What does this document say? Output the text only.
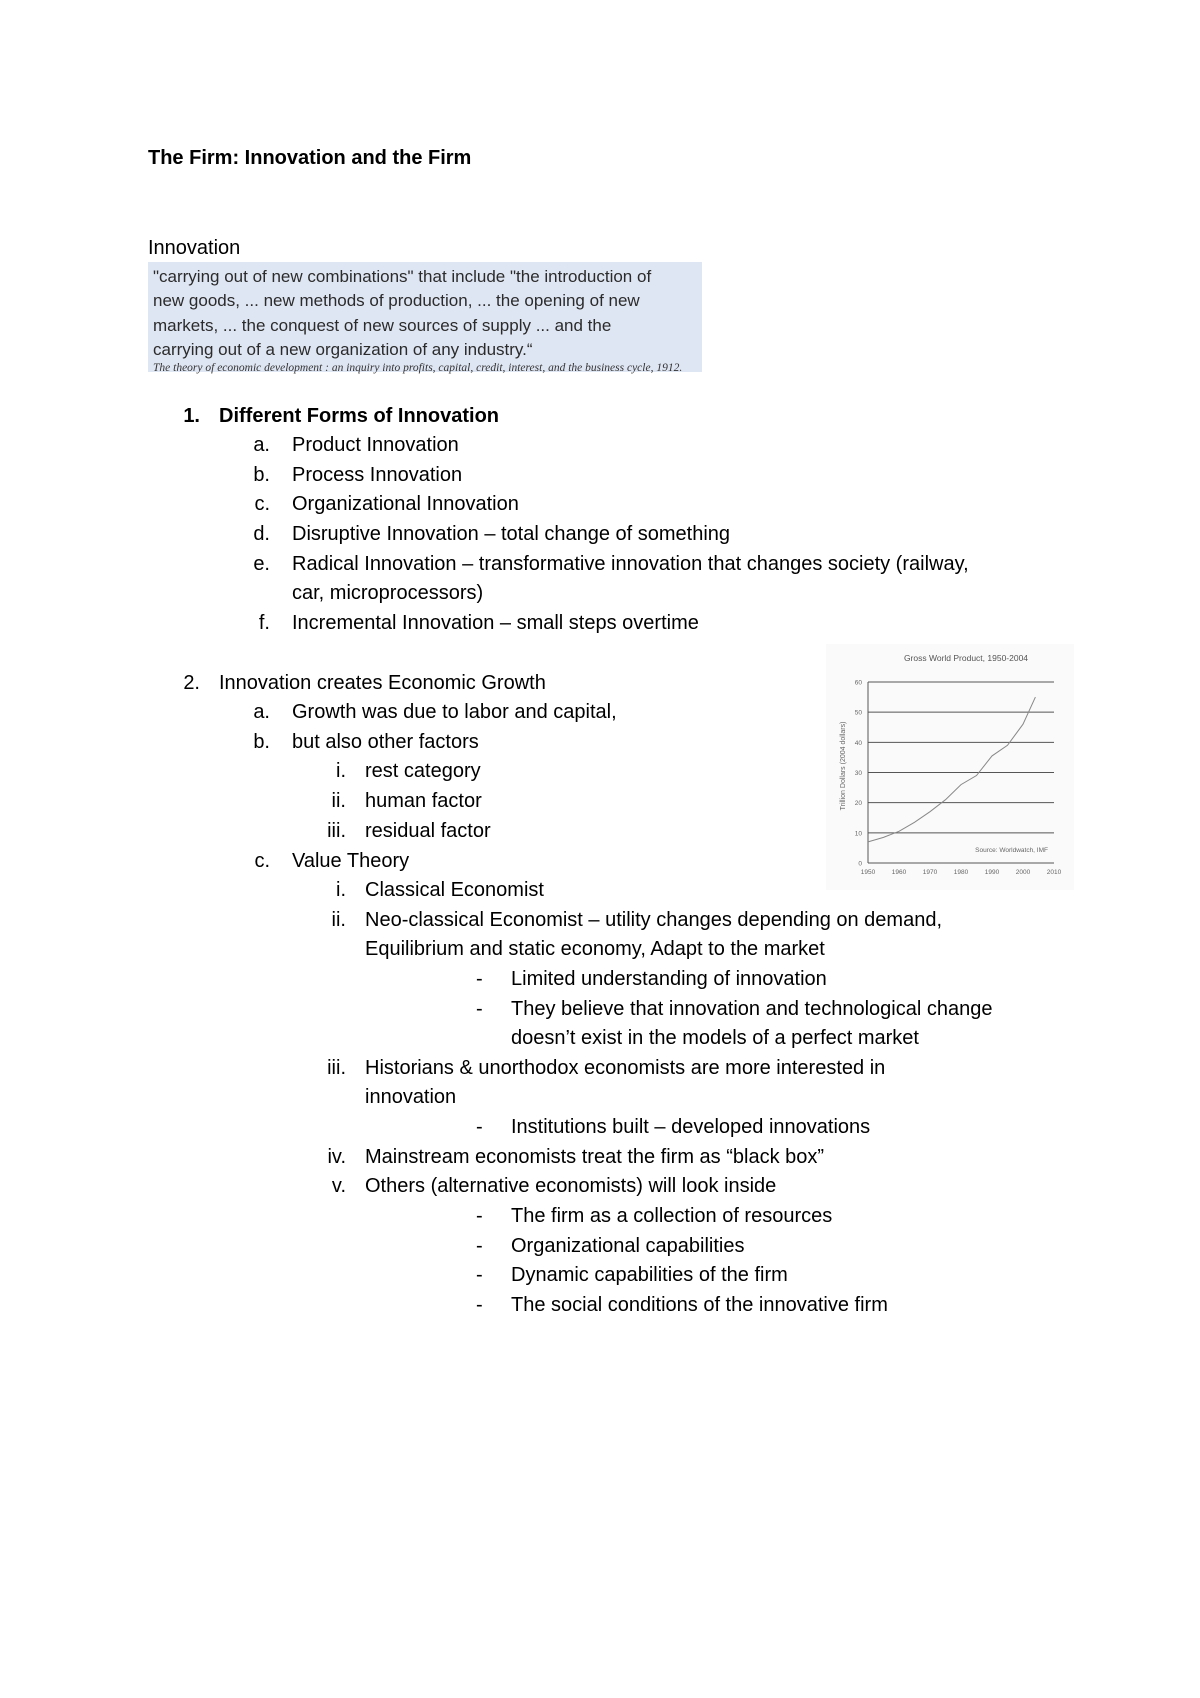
The Firm: Innovation and the Firm
Innovation

"carrying out of new combinations" that include "the introduction of

new goods, ... new methods of production, ... the opening of new

markets, ... the conquest of new sources of supply ... and the

carrying out of a new organization of any industry.“

The theory of economic development : an inquiry into profits, capital, credit, interest, and the business cycle, 1912.

1. Different Forms of Innovation
a. Product Innovation
b. Process Innovation
c. Organizational Innovation
d. Disruptive Innovation – total change of something
e. Radical Innovation – transformative innovation that changes society (railway,
car, microprocessors)
f. Incremental Innovation – small steps overtime
2. Innovation creates Economic Growth
a. Growth was due to labor and capital,
b. but also other factors
i. rest category
ii. human factor
iii. residual factor
c. Value Theory
i. Classical Economist
ii. Neo-classical Economist – utility changes depending on demand,
Equilibrium and static economy, Adapt to the market
- Limited understanding of innovation
- They believe that innovation and technological change
doesn’t exist in the models of a perfect market
iii. Historians & unorthodox economists are more interested in
innovation
- Institutions built – developed innovations
iv. Mainstream economists treat the firm as “black box”
v. Others (alternative economists) will look inside
- The firm as a collection of resources
- Organizational capabilities
- Dynamic capabilities of the firm
- The social conditions of the innovative firm
Gross World Product, 1950-2004
Trillion Dollars (2004 dollars)
Source: Worldwatch, IMF
0
10
20
30
40
50
60
1950	1960	1970	1980	1990	2000	2010
